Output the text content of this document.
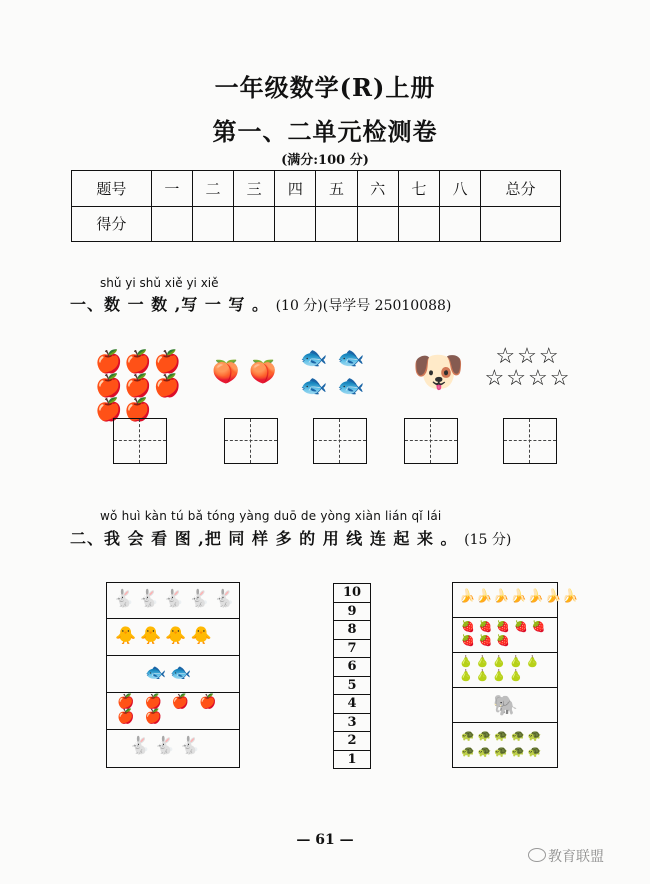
一年级数学(R)上册
第一、二单元检测卷
(满分:100 分)
题号	一	二	三	四	五	六	七	八	总分
得分									
shǔ yi shǔ xiě yi xiě
一、数 一 数 ,写 一 写 。 (10 分)(导学号 25010088)
🍎 🍎 🍎
🍎 🍎 🍎
🍎 🍎
🍑 🍑
🐟 🐟
🐟 🐟 🐶	☆☆☆
☆☆☆☆
wǒ huì kàn tú bǎ tóng yàng duō de yòng xiàn lián qǐ lái
二、我 会 看 图 ,把 同 样 多 的 用 线 连 起 来 。 (15 分)
🐇🐇🐇🐇🐇
🐥🐥🐥🐥
🐟🐟
🍎🍎🍎🍎🍎🍎
🐇🐇🐇
10
9
8
7
6
5
4
3
2
1
🍌🍌🍌🍌🍌🍌🍌
🍓🍓🍓🍓🍓🍓🍓🍓
🍐🍐🍐🍐🍐🍐🍐🍐🍐
🐘
🐢🐢🐢🐢🐢🐢🐢🐢🐢🐢
— 61 —
教育联盟
